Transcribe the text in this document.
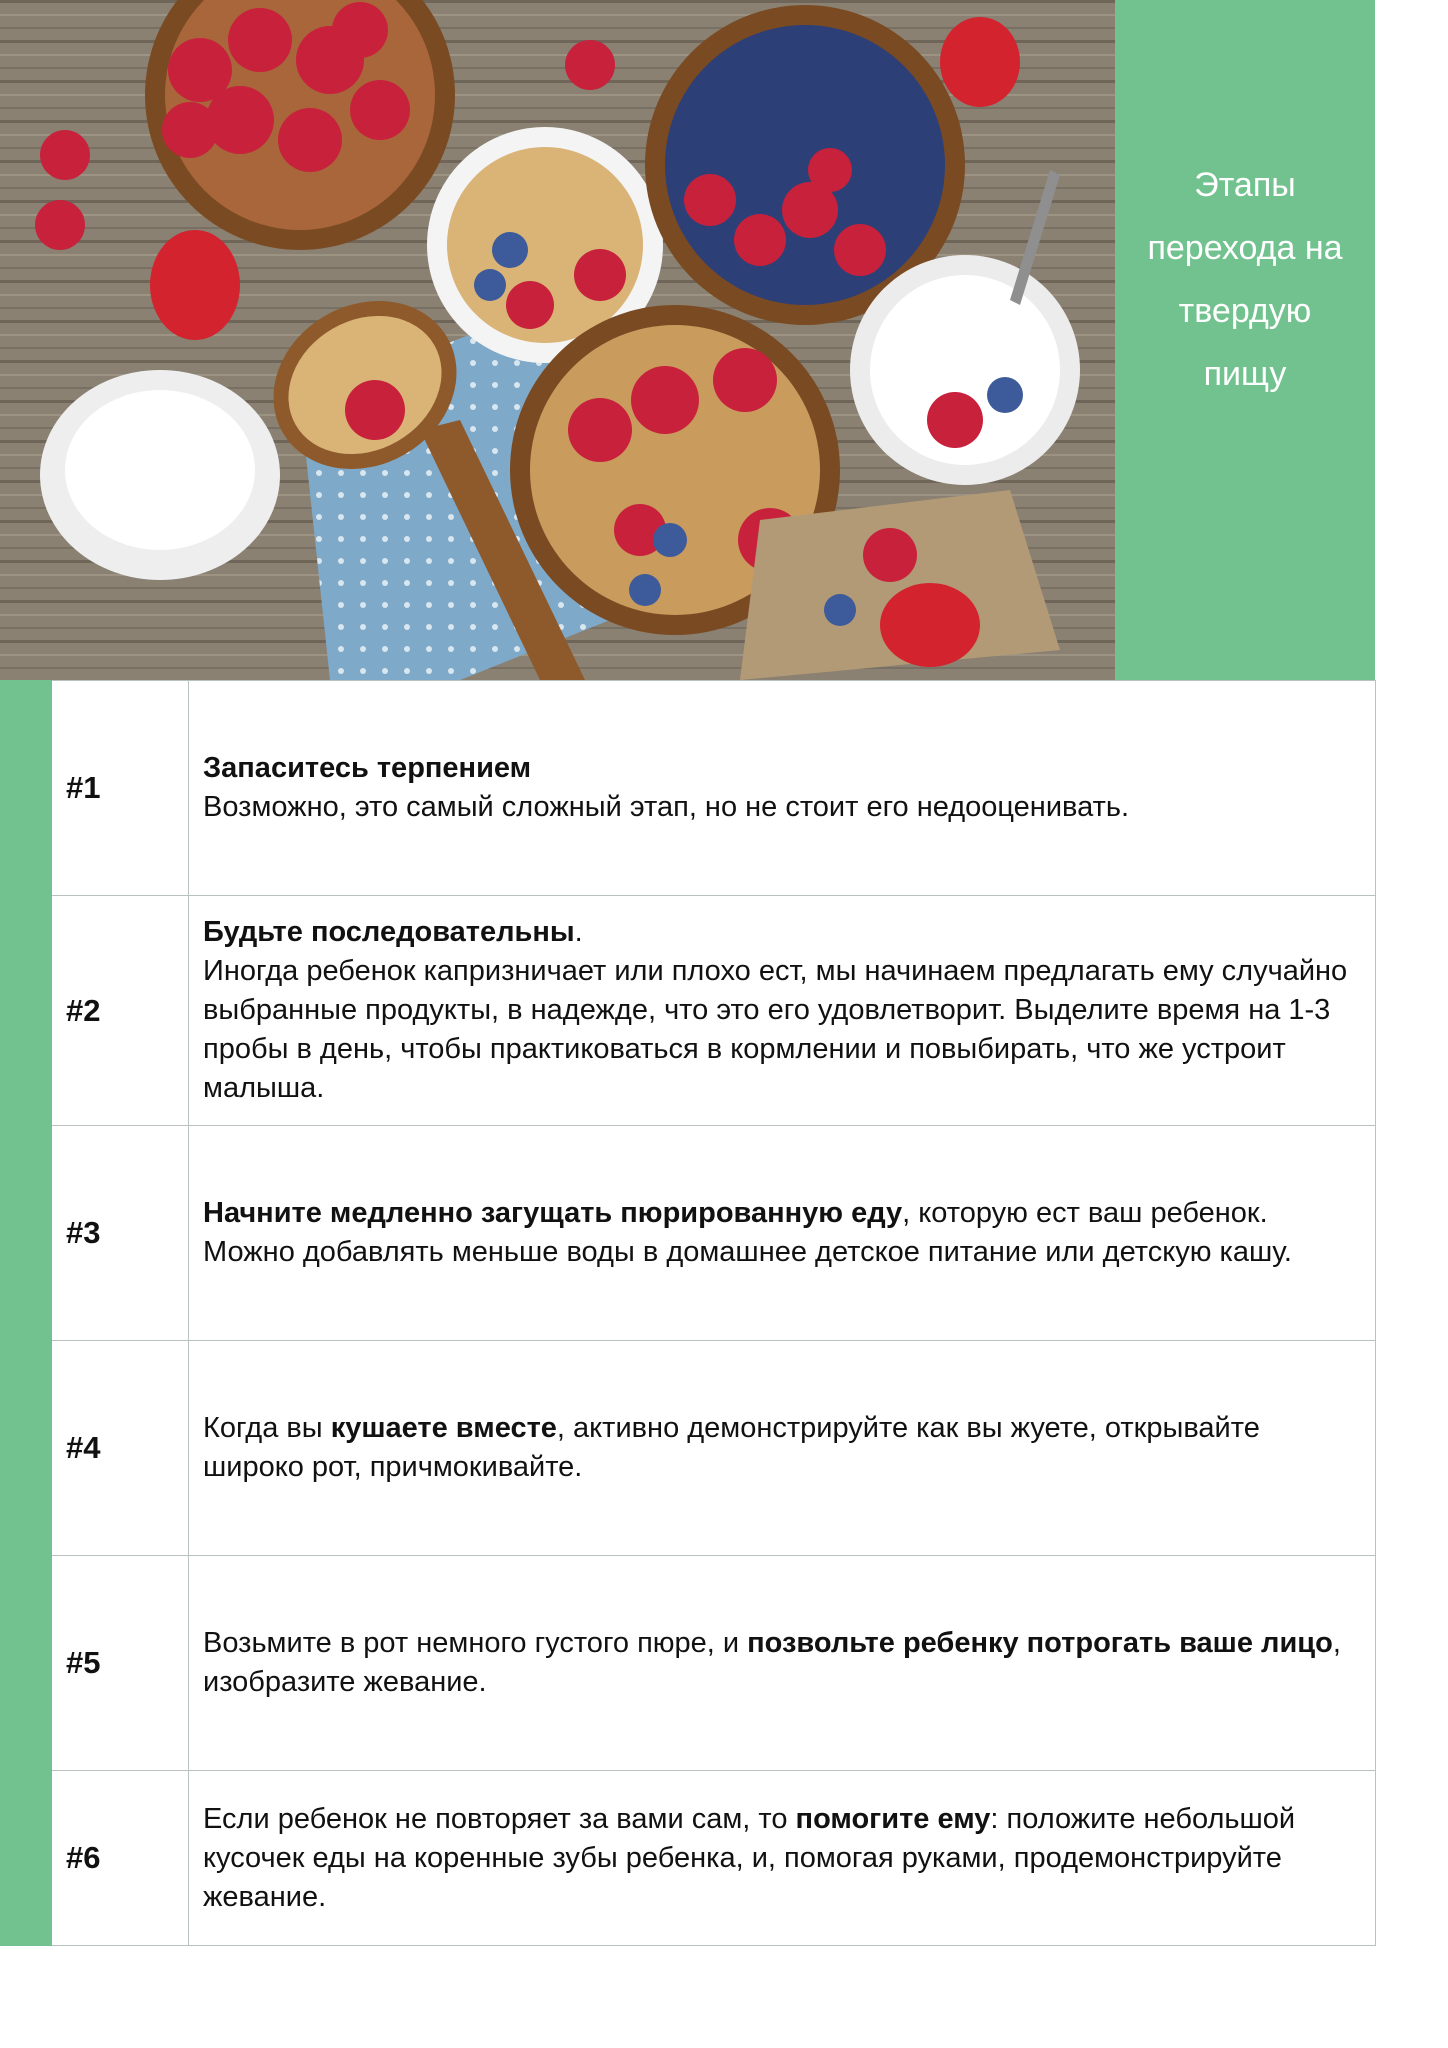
Этапы
перехода на
твердую
пищу
	#1	Запаситесь терпением
Возможно, это самый сложный этап, но не стоит его недооценивать.

	#2	Будьте последовательны.
Иногда ребенок капризничает или плохо ест, мы начинаем предлагать ему случайно выбранные продукты, в надежде, что это его удовлетворит. Выделите время на 1-3 пробы в день, чтобы практиковаться в кормлении и повыбирать, что же устроит малыша.

	#3	Начните медленно загущать пюрированную еду, которую ест ваш ребенок. Можно добавлять меньше воды в домашнее детское питание или детскую кашу.

	#4	Когда вы кушаете вместе, активно демонстрируйте как вы жуете, открывайте широко рот, причмокивайте.

	#5	Возьмите в рот немного густого пюре, и позвольте ребенку потрогать ваше лицо, изобразите жевание.

	#6	Если ребенок не повторяет за вами сам, то помогите ему: положите небольшой кусочек еды на коренные зубы ребенка, и, помогая руками, продемонстрируйте жевание.
